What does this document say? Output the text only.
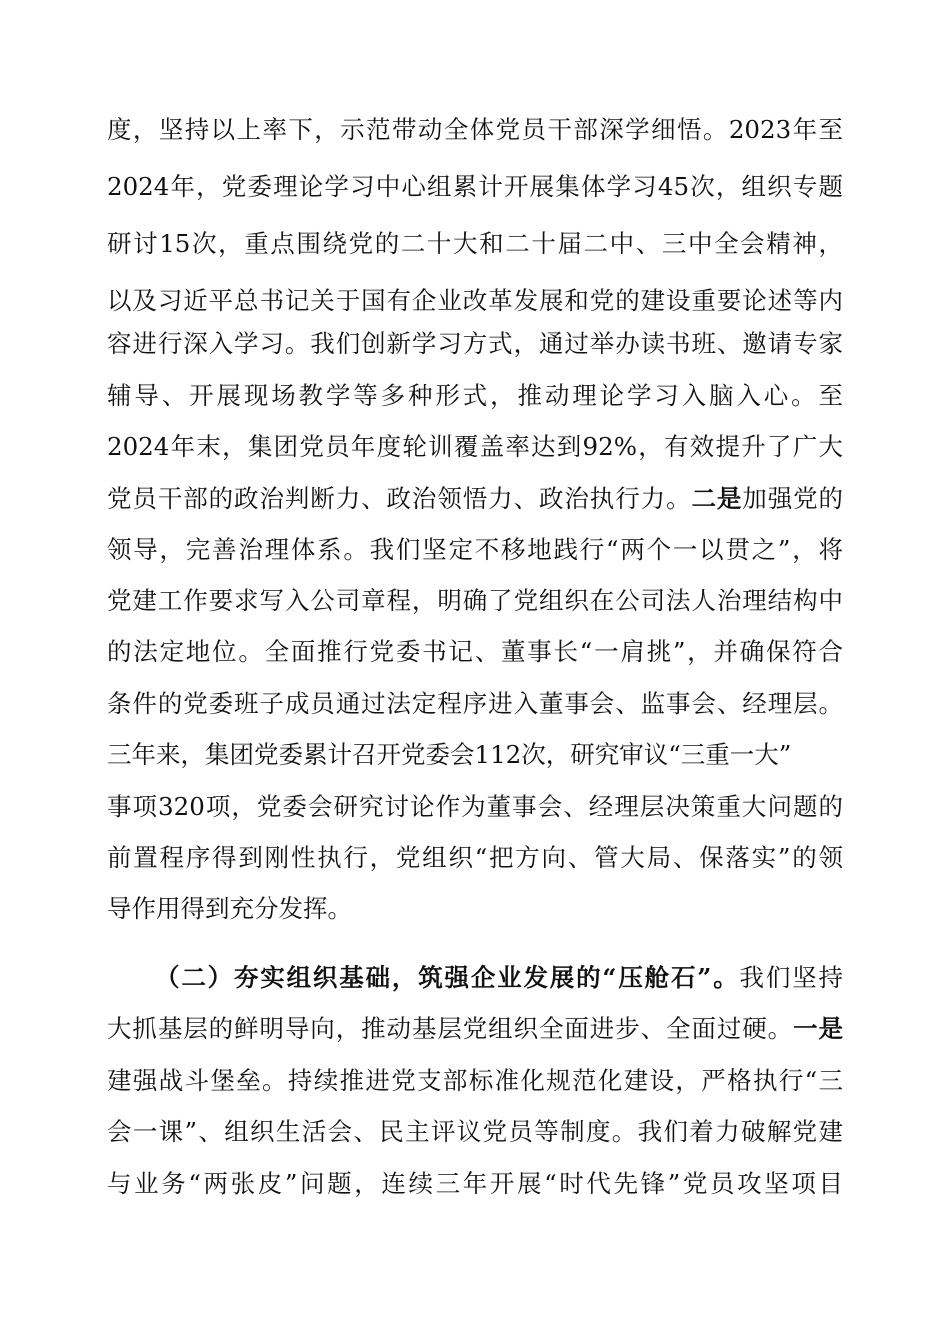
度，坚持以上率下，示范带动全体党员干部深学细悟。2023年至
2024年，党委理论学习中心组累计开展集体学习45次，组织专题
研讨15次，重点围绕党的二十大和二十届二中、三中全会精神，
以及习近平总书记关于国有企业改革发展和党的建设重要论述等内
容进行深入学习。我们创新学习方式，通过举办读书班、邀请专家
辅导、开展现场教学等多种形式，推动理论学习入脑入心。至
2024年末，集团党员年度轮训覆盖率达到92%，有效提升了广大
党员干部的政治判断力、政治领悟力、政治执行力。二是加强党的
领导，完善治理体系。我们坚定不移地践行“两个一以贯之”，将
党建工作要求写入公司章程，明确了党组织在公司法人治理结构中
的法定地位。全面推行党委书记、董事长“一肩挑”，并确保符合
条件的党委班子成员通过法定程序进入董事会、监事会、经理层。
三年来，集团党委累计召开党委会112次，研究审议“三重一大”
事项320项，党委会研究讨论作为董事会、经理层决策重大问题的
前置程序得到刚性执行，党组织“把方向、管大局、保落实”的领
导作用得到充分发挥。
（二）夯实组织基础，筑强企业发展的“压舱石”。我们坚持
大抓基层的鲜明导向，推动基层党组织全面进步、全面过硬。一是
建强战斗堡垒。持续推进党支部标准化规范化建设，严格执行“三
会一课”、组织生活会、民主评议党员等制度。我们着力破解党建
与业务“两张皮”问题，连续三年开展“时代先锋”党员攻坚项目
